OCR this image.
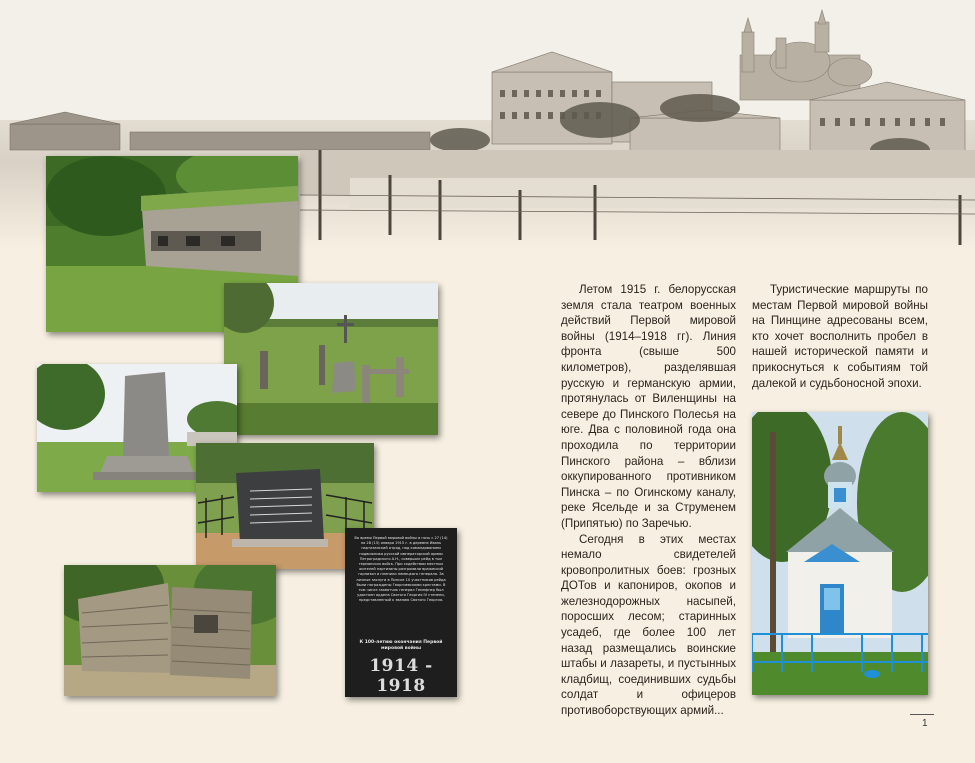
Во время Первой мировой войны в ночь с 27 (14) по 28 (15) января 1915 г. в деревне Ивань партизанский отряд, под командованием подвижника русской императорской армии Петроградского А.Н., совершил рейд в тыл германских войск. При содействии местных жителей партизаны разгромили вражеский гарнизон и пленили немецкого генерала. За личные заслуги в Пинске 10 участников рейда были награждены Георгиевскими крестами. В том числе захватчик генерал Гемпфнер был удостоен ордена Святого Георгия IV степени, представленный к званию Святого Георгия.
К 100-летию окончания Первой мировой войны
1914 - 1918

Летом 1915 г. белорусская земля стала театром военных действий Первой мировой войны (1914–1918 гг). Линия фронта (свыше 500 километров), разделявшая русскую и германскую армии, протянулась от Виленщины на севере до Пинского Полесья на юге. Два с половиной года она проходила по территории Пинского района – вблизи оккупированного противником Пинска – по Огинскому каналу, реке Ясельде и за Струменем (Припятью) по Заречью.

Сегодня в этих местах немало свидетелей кровопролитных боев: грозных ДОТов и капониров, окопов и железнодорожных насыпей, поросших лесом; старинных усадеб, где более 100 лет назад размещались воинские штабы и лазареты, и пустынных кладбищ, соединивших судьбы солдат и офицеров противоборствующих армий...

Туристические маршруты по местам Первой мировой войны на Пинщине адресованы всем, кто хочет восполнить пробел в нашей исторической памяти и прикоснуться к событиям той далекой и судьбоносной эпохи.

1
